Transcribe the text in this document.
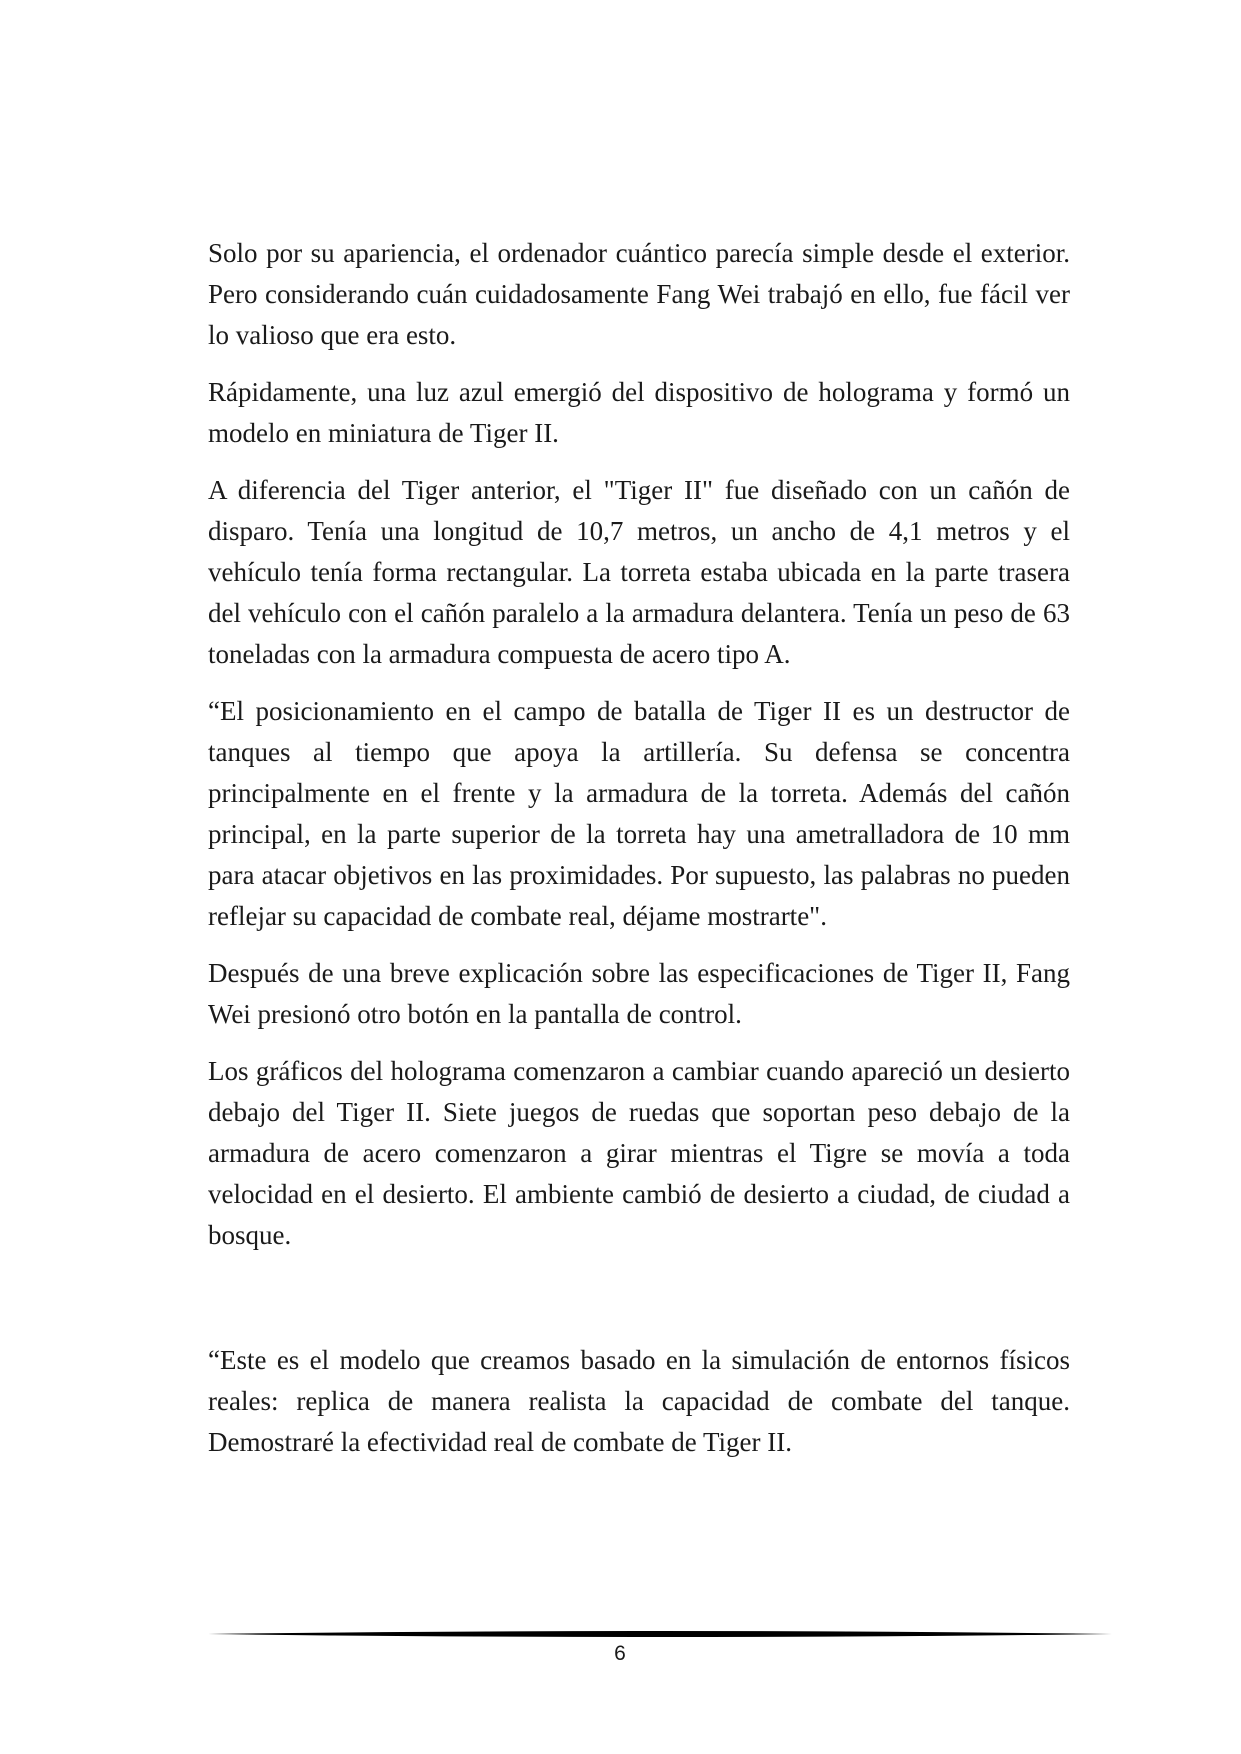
Solo por su apariencia, el ordenador cuántico parecía simple desde el exterior. Pero considerando cuán cuidadosamente Fang Wei trabajó en ello, fue fácil ver lo valioso que era esto.

Rápidamente, una luz azul emergió del dispositivo de holograma y formó un modelo en miniatura de Tiger II.

A diferencia del Tiger anterior, el "Tiger II" fue diseñado con un cañón de disparo. Tenía una longitud de 10,7 metros, un ancho de 4,1 metros y el vehículo tenía forma rectangular. La torreta estaba ubicada en la parte trasera del vehículo con el cañón paralelo a la armadura delantera. Tenía un peso de 63 toneladas con la armadura compuesta de acero tipo A.

“El posicionamiento en el campo de batalla de Tiger II es un destructor de tanques al tiempo que apoya la artillería. Su defensa se concentra principalmente en el frente y la armadura de la torreta. Además del cañón principal, en la parte superior de la torreta hay una ametralladora de 10 mm para atacar objetivos en las proximidades. Por supuesto, las palabras no pueden reflejar su capacidad de combate real, déjame mostrarte".

Después de una breve explicación sobre las especificaciones de Tiger II, Fang Wei presionó otro botón en la pantalla de control.

Los gráficos del holograma comenzaron a cambiar cuando apareció un desierto debajo del Tiger II. Siete juegos de ruedas que soportan peso debajo de la armadura de acero comenzaron a girar mientras el Tigre se movía a toda velocidad en el desierto. El ambiente cambió de desierto a ciudad, de ciudad a bosque.

“Este es el modelo que creamos basado en la simulación de entornos físicos reales: replica de manera realista la capacidad de combate del tanque. Demostraré la efectividad real de combate de Tiger II.

6
